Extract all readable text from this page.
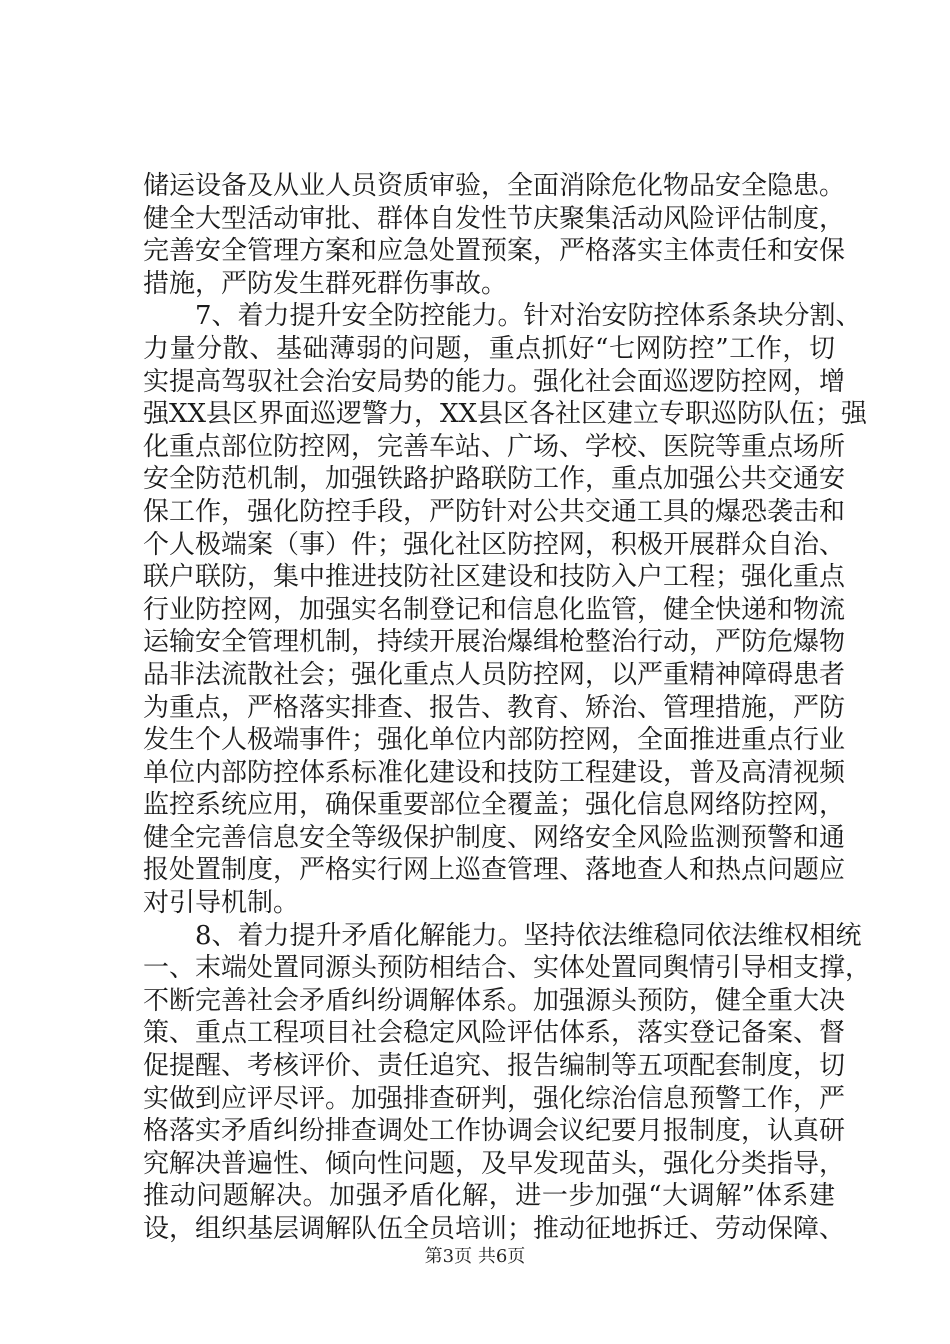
储运设备及从业人员资质审验，全面消除危化物品安全隐患。
健全大型活动审批、群体自发性节庆聚集活动风险评估制度，
完善安全管理方案和应急处置预案，严格落实主体责任和安保
措施，严防发生群死群伤事故。
7、着力提升安全防控能力。针对治安防控体系条块分割、
力量分散、基础薄弱的问题，重点抓好“七网防控”工作，切
实提高驾驭社会治安局势的能力。强化社会面巡逻防控网，增
强XX县区界面巡逻警力，XX县区各社区建立专职巡防队伍；强
化重点部位防控网，完善车站、广场、学校、医院等重点场所
安全防范机制，加强铁路护路联防工作，重点加强公共交通安
保工作，强化防控手段，严防针对公共交通工具的爆恐袭击和
个人极端案（事）件；强化社区防控网，积极开展群众自治、
联户联防，集中推进技防社区建设和技防入户工程；强化重点
行业防控网，加强实名制登记和信息化监管，健全快递和物流
运输安全管理机制，持续开展治爆缉枪整治行动，严防危爆物
品非法流散社会；强化重点人员防控网，以严重精神障碍患者
为重点，严格落实排查、报告、教育、矫治、管理措施，严防
发生个人极端事件；强化单位内部防控网，全面推进重点行业
单位内部防控体系标准化建设和技防工程建设，普及高清视频
监控系统应用，确保重要部位全覆盖；强化信息网络防控网，
健全完善信息安全等级保护制度、网络安全风险监测预警和通
报处置制度，严格实行网上巡查管理、落地查人和热点问题应
对引导机制。
8、着力提升矛盾化解能力。坚持依法维稳同依法维权相统
一、末端处置同源头预防相结合、实体处置同舆情引导相支撑，
不断完善社会矛盾纠纷调解体系。加强源头预防，健全重大决
策、重点工程项目社会稳定风险评估体系，落实登记备案、督
促提醒、考核评价、责任追究、报告编制等五项配套制度，切
实做到应评尽评。加强排查研判，强化综治信息预警工作，严
格落实矛盾纠纷排查调处工作协调会议纪要月报制度，认真研
究解决普遍性、倾向性问题，及早发现苗头，强化分类指导，
推动问题解决。加强矛盾化解，进一步加强“大调解”体系建
设，组织基层调解队伍全员培训；推动征地拆迁、劳动保障、
第3页 共6页
